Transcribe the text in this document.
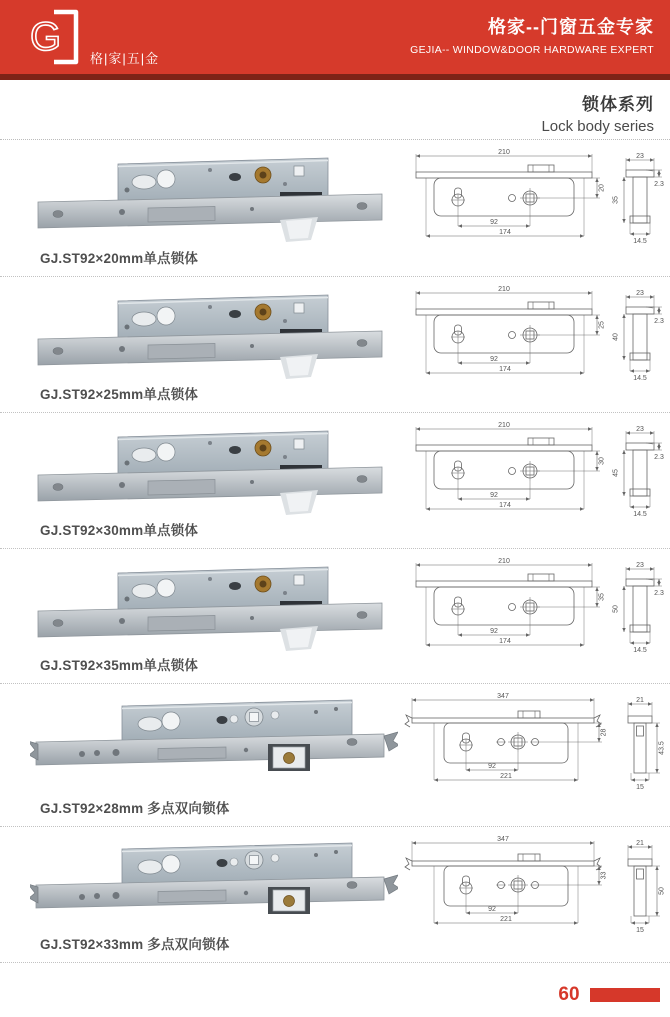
G 格|家|五|金
格家--门窗五金专家
GEJIA-- WINDOW&DOOR HARDWARE EXPERT
锁体系列
Lock body series
210
92
174
20
23
2.3
35
14.5
GJ.ST92×20mm单点锁体
210
92
174
25
23
2.3
40
14.5
GJ.ST92×25mm单点锁体
210
92
174
30
23
2.3
45
14.5
GJ.ST92×30mm单点锁体
210
92
174
35
23
2.3
50
14.5
GJ.ST92×35mm单点锁体
347
92
221
28
21
43.5
15
GJ.ST92×28mm 多点双向锁体
347
92
221
33
21
50
15
GJ.ST92×33mm 多点双向锁体
60
